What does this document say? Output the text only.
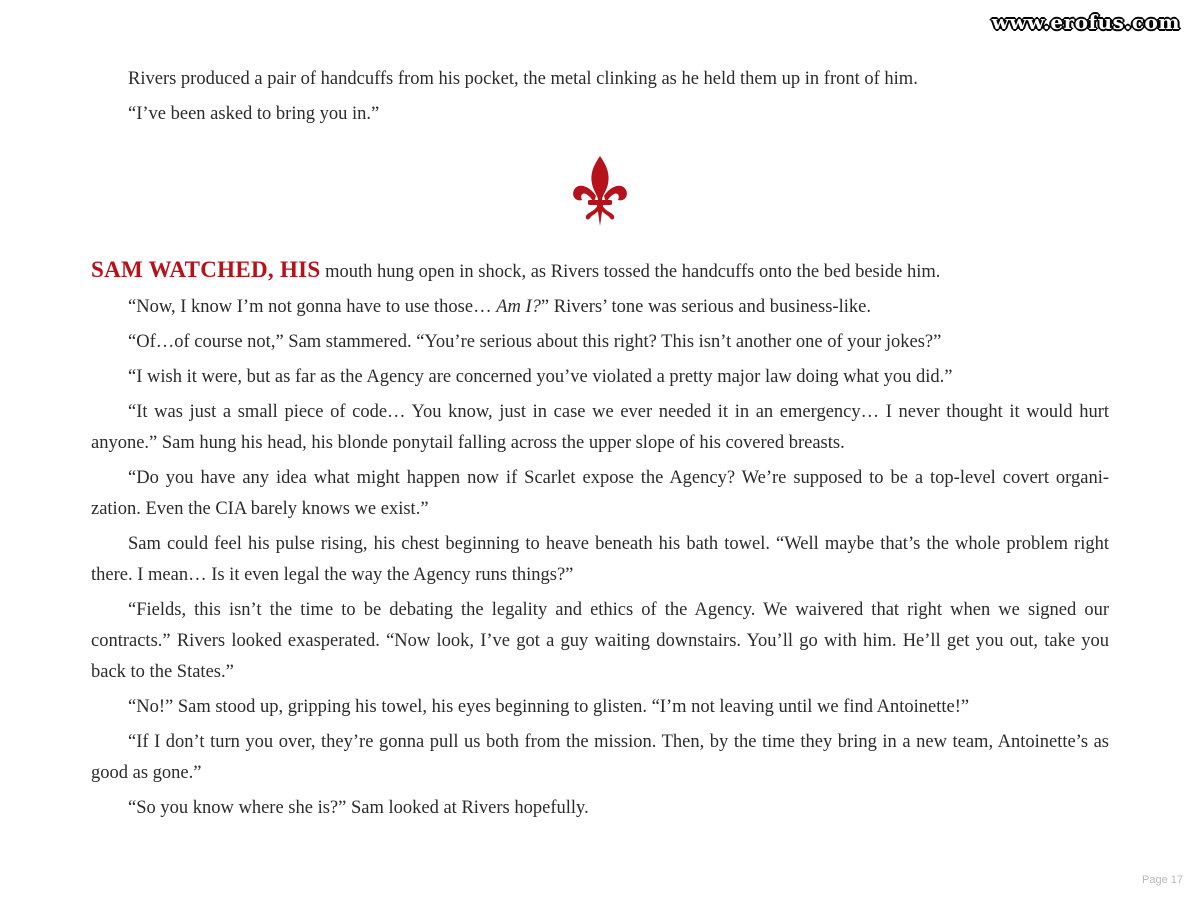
www.erofus.com

Rivers produced a pair of handcuffs from his pocket, the metal clinking as he held them up in front of him.

“I’ve been asked to bring you in.”

SAM WATCHED, HIS mouth hung open in shock, as Rivers tossed the handcuffs onto the bed beside him.

“Now, I know I’m not gonna have to use those… Am I?” Rivers’ tone was serious and business-like.

“Of…of course not,” Sam stammered. “You’re serious about this right? This isn’t another one of your jokes?”

“I wish it were, but as far as the Agency are concerned you’ve violated a pretty major law doing what you did.”

“It was just a small piece of code… You know, just in case we ever needed it in an emergency… I never thought it would hurt anyone.” Sam hung his head, his blonde ponytail falling across the upper slope of his covered breasts.

“Do you have any idea what might happen now if Scarlet expose the Agency? We’re supposed to be a top-level covert organi-zation. Even the CIA barely knows we exist.”

Sam could feel his pulse rising, his chest beginning to heave beneath his bath towel. “Well maybe that’s the whole problem right there. I mean… Is it even legal the way the Agency runs things?”

“Fields, this isn’t the time to be debating the legality and ethics of the Agency. We waivered that right when we signed our contracts.” Rivers looked exasperated. “Now look, I’ve got a guy waiting downstairs. You’ll go with him. He’ll get you out, take you back to the States.”

“No!” Sam stood up, gripping his towel, his eyes beginning to glisten. “I’m not leaving until we find Antoinette!”

“If I don’t turn you over, they’re gonna pull us both from the mission. Then, by the time they bring in a new team, Antoinette’s as good as gone.”

“So you know where she is?” Sam looked at Rivers hopefully.

Page 17
